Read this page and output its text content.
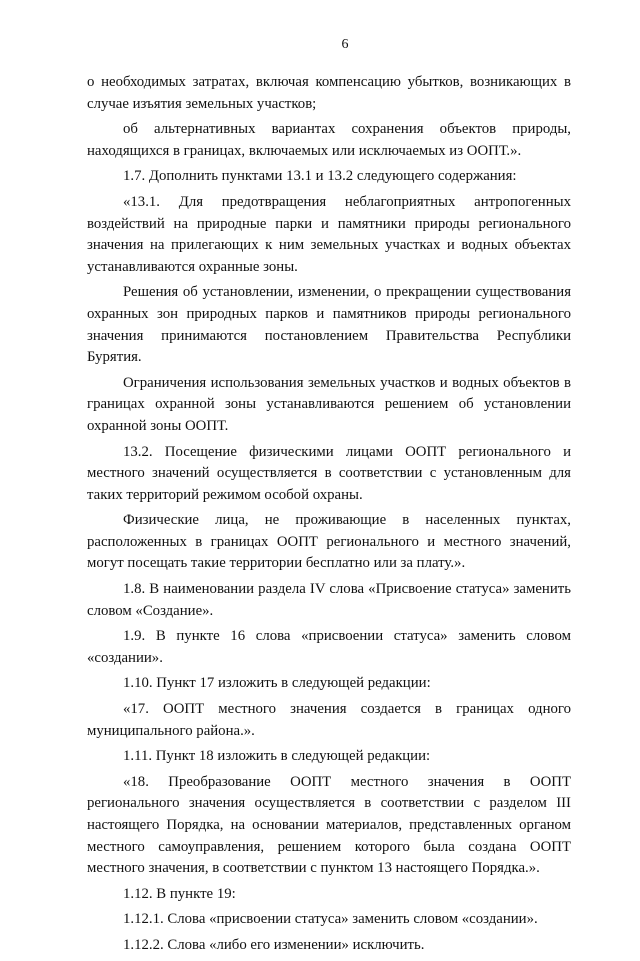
6

о необходимых затратах, включая компенсацию убытков, возникающих в случае изъятия земельных участков;

об альтернативных вариантах сохранения объектов природы, находящихся в границах, включаемых или исключаемых из ООПТ.».

1.7. Дополнить пунктами 13.1 и 13.2 следующего содержания:

«13.1. Для предотвращения неблагоприятных антропогенных воздействий на природные парки и памятники природы регионального значения на прилегающих к ним земельных участках и водных объектах устанавливаются охранные зоны.

Решения об установлении, изменении, о прекращении существования охранных зон природных парков и памятников природы регионального значения принимаются постановлением Правительства Республики Бурятия.

Ограничения использования земельных участков и водных объектов в границах охранной зоны устанавливаются решением об установлении охранной зоны ООПТ.

13.2. Посещение физическими лицами ООПТ регионального и местного значений осуществляется в соответствии с установленным для таких территорий режимом особой охраны.

Физические лица, не проживающие в населенных пунктах, расположенных в границах ООПТ регионального и местного значений, могут посещать такие территории бесплатно или за плату.».

1.8. В наименовании раздела IV слова «Присвоение статуса» заменить словом «Создание».

1.9. В пункте 16 слова «присвоении статуса» заменить словом «создании».

1.10. Пункт 17 изложить в следующей редакции:

«17. ООПТ местного значения создается в границах одного муниципального района.».

1.11. Пункт 18 изложить в следующей редакции:

«18. Преобразование ООПТ местного значения в ООПТ регионального значения осуществляется в соответствии с разделом III настоящего Порядка, на основании материалов, представленных органом местного самоуправления, решением которого была создана ООПТ местного значения, в соответствии с пунктом 13 настоящего Порядка.».

1.12. В пункте 19:

1.12.1. Слова «присвоении статуса» заменить словом «создании».

1.12.2. Слова «либо его изменении» исключить.
